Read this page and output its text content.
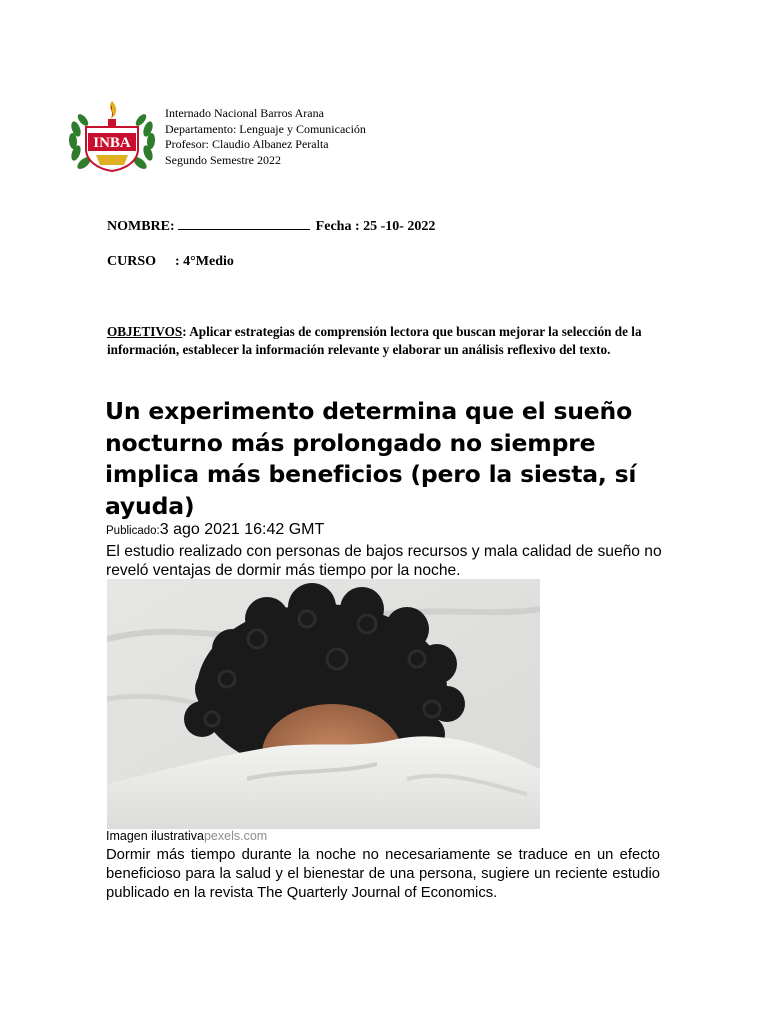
INBA
Internado Nacional Barros Arana
Departamento: Lenguaje y Comunicación
Profesor: Claudio Albanez Peralta
Segundo Semestre 2022
NOMBRE:	Fecha : 25 -10- 2022
CURSO : 4°Medio
OBJETIVOS: Aplicar estrategias de comprensión lectora que buscan mejorar la selección de la información, establecer la información relevante y elaborar un análisis reflexivo del texto.
Un experimento determina que el sueño nocturno más prolongado no siempre implica más beneficios (pero la siesta, sí ayuda)
Publicado:3 ago 2021 16:42 GMT
El estudio realizado con personas de bajos recursos y mala calidad de sueño no reveló ventajas de dormir más tiempo por la noche.
Imagen ilustrativapexels.com
Dormir más tiempo durante la noche no necesariamente se traduce en un efecto beneficioso para la salud y el bienestar de una persona, sugiere un reciente estudio publicado en la revista The Quarterly Journal of Economics.
